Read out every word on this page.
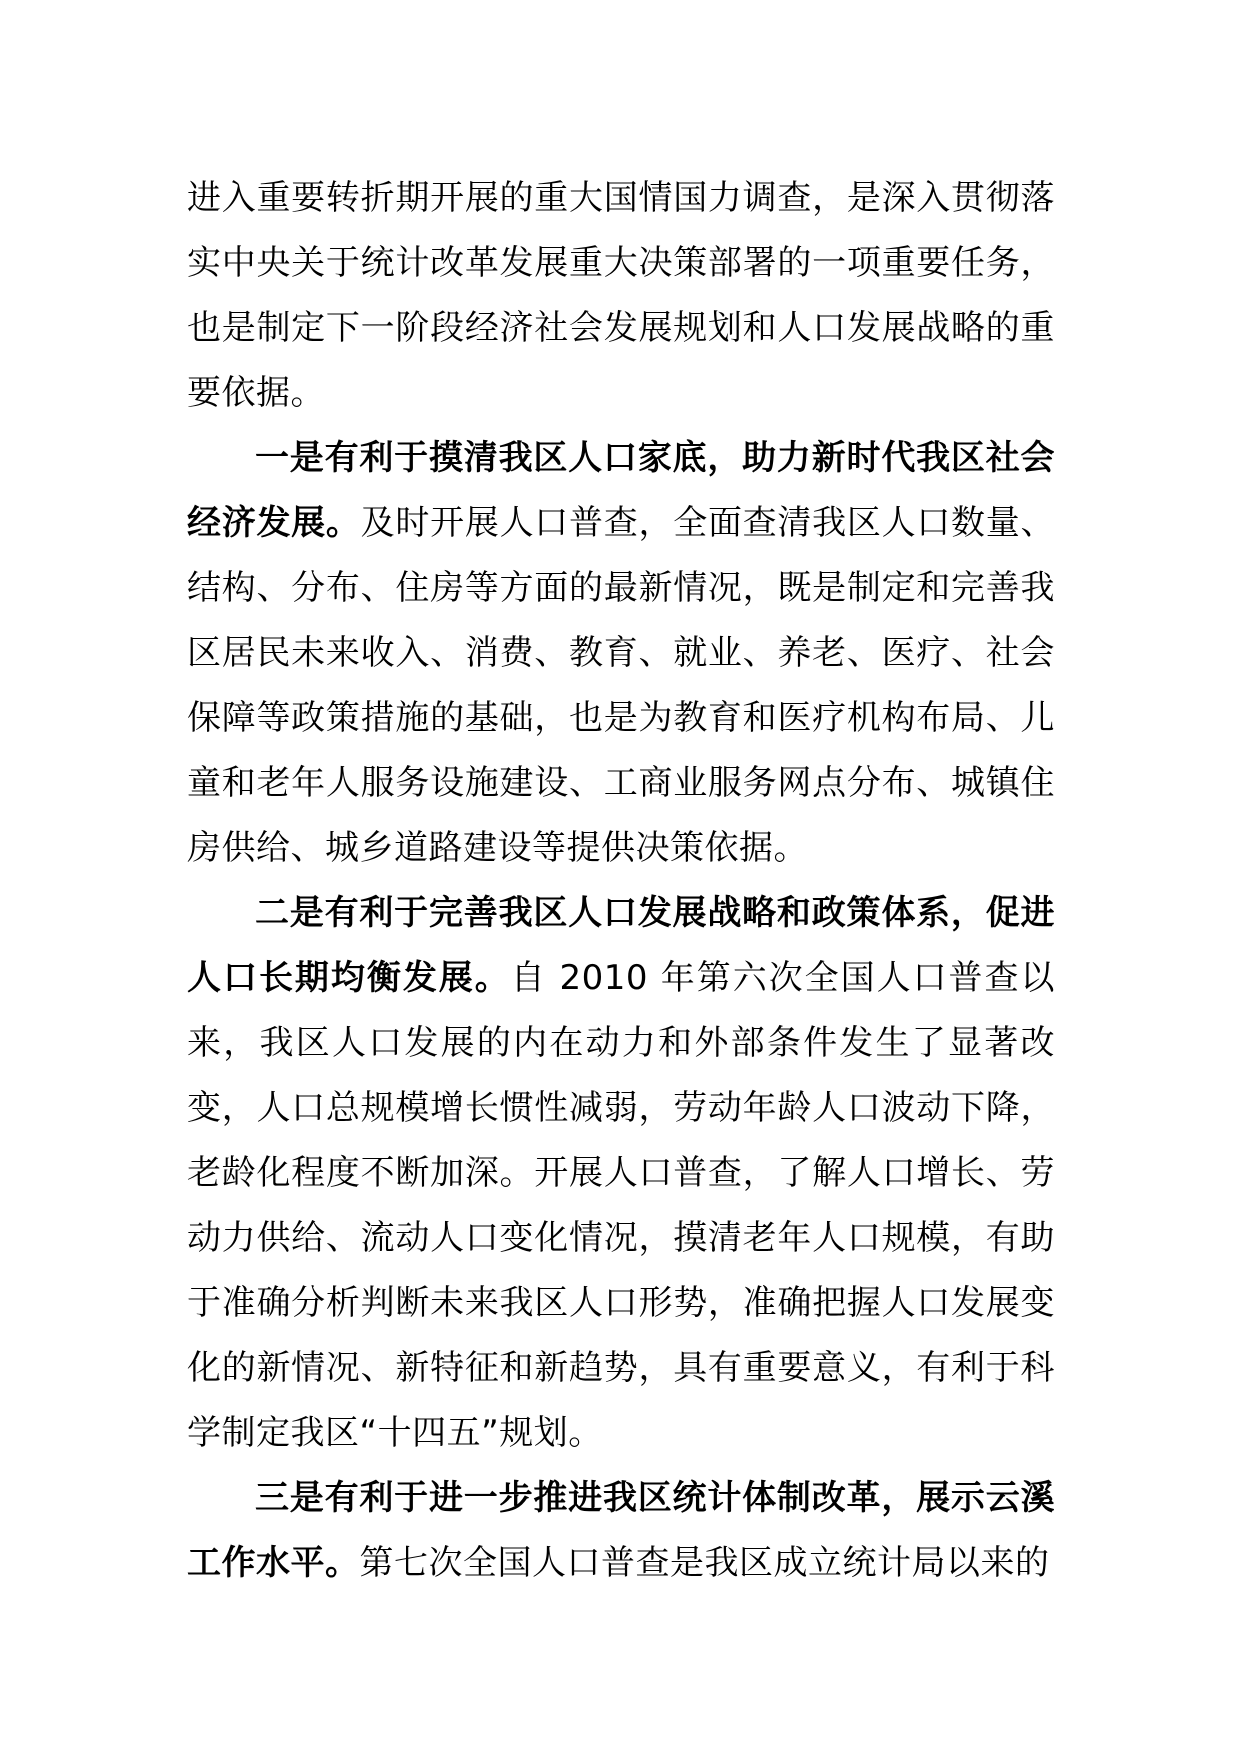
进入重要转折期开展的重大国情国力调查，是深入贯彻落实中央关于统计改革发展重大决策部署的一项重要任务，也是制定下一阶段经济社会发展规划和人口发展战略的重要依据。

一是有利于摸清我区人口家底，助力新时代我区社会经济发展。及时开展人口普查，全面查清我区人口数量、结构、分布、住房等方面的最新情况，既是制定和完善我区居民未来收入、消费、教育、就业、养老、医疗、社会保障等政策措施的基础，也是为教育和医疗机构布局、儿童和老年人服务设施建设、工商业服务网点分布、城镇住房供给、城乡道路建设等提供决策依据。

二是有利于完善我区人口发展战略和政策体系，促进人口长期均衡发展。自 2010 年第六次全国人口普查以来，我区人口发展的内在动力和外部条件发生了显著改变，人口总规模增长惯性减弱，劳动年龄人口波动下降，老龄化程度不断加深。开展人口普查，了解人口增长、劳动力供给、流动人口变化情况，摸清老年人口规模，有助于准确分析判断未来我区人口形势，准确把握人口发展变化的新情况、新特征和新趋势，具有重要意义，有利于科学制定我区“十四五”规划。

三是有利于进一步推进我区统计体制改革，展示云溪工作水平。第七次全国人口普查是我区成立统计局以来的
